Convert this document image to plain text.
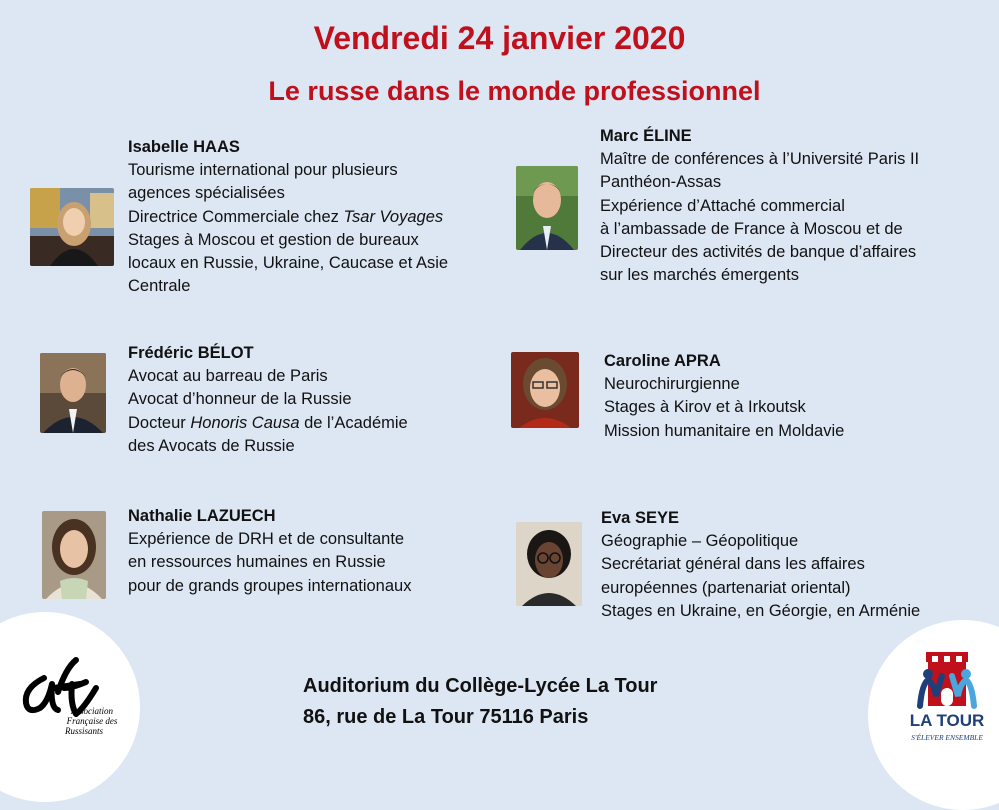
Vendredi 24 janvier 2020
Le russe dans le monde professionnel
Isabelle HAAS
Tourisme international pour plusieurs
agences spécialisées
Directrice Commerciale chez Tsar Voyages
Stages à Moscou et gestion de bureaux
locaux en Russie, Ukraine, Caucase et Asie
Centrale
Marc ÉLINE
Maître de conférences à l’Université Paris II
Panthéon-Assas
Expérience d’Attaché commercial
à l’ambassade de France à Moscou et de
Directeur des activités de banque d’affaires
sur les marchés émergents
Frédéric BÉLOT
Avocat au barreau de Paris
Avocat d’honneur de la Russie
Docteur Honoris Causa de l’Académie
des Avocats de Russie
Caroline APRA
Neurochirurgienne
Stages à Kirov et à Irkoutsk
Mission humanitaire en Moldavie
Nathalie LAZUECH
Expérience de DRH et de consultante
en ressources humaines en Russie
pour de grands groupes internationaux
Eva SEYE
Géographie – Géopolitique
Secrétariat général dans les affaires
européennes (partenariat oriental)
Stages en Ukraine, en Géorgie, en Arménie
Auditorium du Collège-Lycée La Tour
86, rue de La Tour 75116 Paris
Association
Française des
Russisants
LA TOUR
S'ÉLEVER ENSEMBLE
